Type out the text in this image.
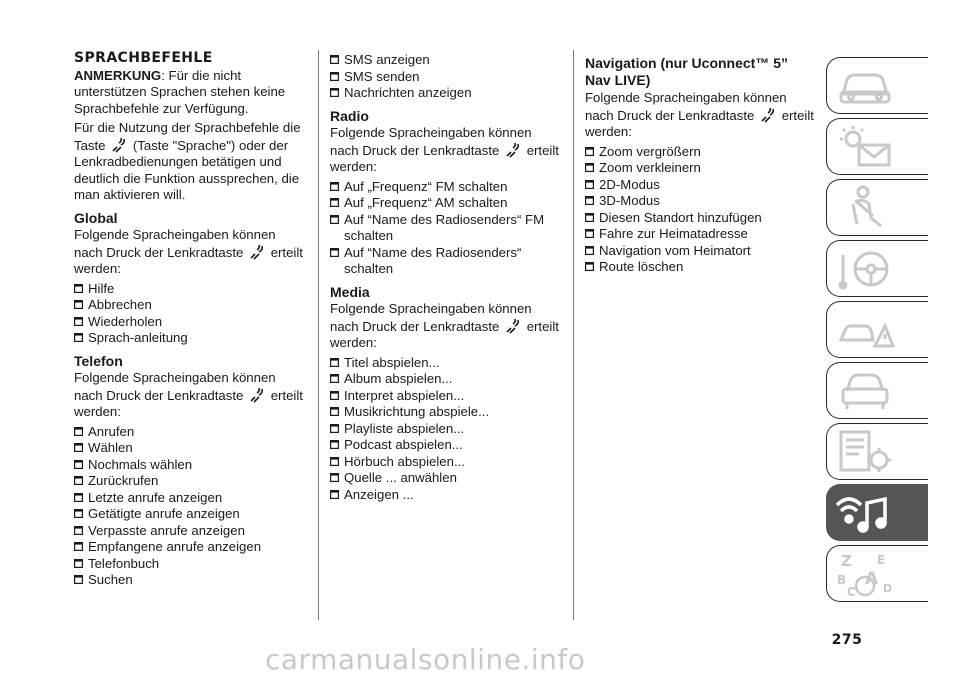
SPRACHBEFEHLE
ANMERKUNG: Für die nicht unterstützen Sprachen stehen keine Sprachbefehle zur Verfügung.
Für die Nutzung der Sprachbefehle die Taste (Taste "Sprache") oder der Lenkradbedienungen betätigen und deutlich die Funktion aussprechen, die man aktivieren will.
Global
Folgende Spracheingaben können nach Druck der Lenkradtaste erteilt werden:
Hilfe
Abbrechen
Wiederholen
Sprach-anleitung
Telefon
Folgende Spracheingaben können nach Druck der Lenkradtaste erteilt werden:
Anrufen
Wählen
Nochmals wählen
Zurückrufen
Letzte anrufe anzeigen
Getätigte anrufe anzeigen
Verpasste anrufe anzeigen
Empfangene anrufe anzeigen
Telefonbuch
Suchen
SMS anzeigen
SMS senden
Nachrichten anzeigen
Radio
Folgende Spracheingaben können nach Druck der Lenkradtaste erteilt werden:
Auf „Frequenz“ FM schalten
Auf „Frequenz“ AM schalten
Auf “Name des Radiosenders“ FM schalten
Auf “Name des Radiosenders“ schalten
Media
Folgende Spracheingaben können nach Druck der Lenkradtaste erteilt werden:
Titel abspielen...
Album abspielen...
Interpret abspielen...
Musikrichtung abspiele...
Playliste abspielen...
Podcast abspielen...
Hörbuch abspielen...
Quelle ... anwählen
Anzeigen ...
Navigation (nur Uconnect™ 5” Nav LIVE)
Folgende Spracheingaben können nach Druck der Lenkradtaste erteilt werden:
Zoom vergrößern
Zoom verkleinern
2D-Modus
3D-Modus
Diesen Standort hinzufügen
Fahre zur Heimatadresse
Navigation vom Heimatort
Route löschen
Z E
B A
C D
275
carmanualsonline.info
